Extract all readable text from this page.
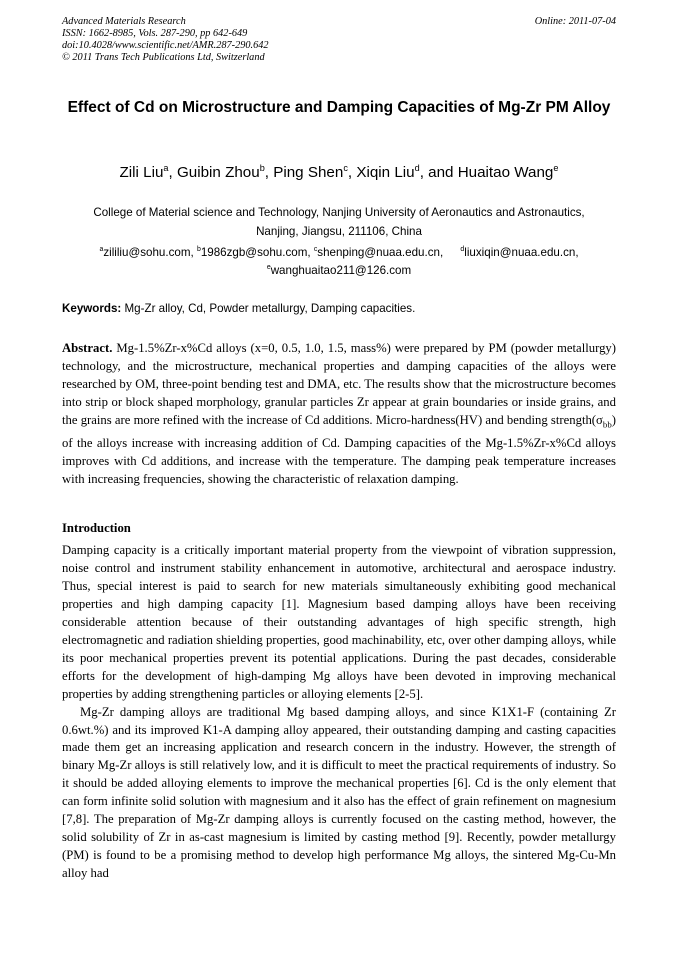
Advanced Materials Research
ISSN: 1662-8985, Vols. 287-290, pp 642-649
doi:10.4028/www.scientific.net/AMR.287-290.642
© 2011 Trans Tech Publications Ltd, Switzerland
Online: 2011-07-04
Effect of Cd on Microstructure and Damping Capacities of Mg-Zr PM Alloy
Zili Liu$^a$, Guibin Zhou$^b$, Ping Shen$^c$, Xiqin Liu$^d$, and Huaitao Wang$^e$
College of Material science and Technology, Nanjing University of Aeronautics and Astronautics,
Nanjing, Jiangsu, 211106, China
$^a$zililiu@sohu.com, $^b$1986zgb@sohu.com, $^c$shenping@nuaa.edu.cn, $^d$liuxiqin@nuaa.edu.cn,
$^e$wanghuaitao211@126.com
Keywords: Mg-Zr alloy, Cd, Powder metallurgy, Damping capacities.
Abstract. Mg-1.5%Zr-x%Cd alloys (x=0, 0.5, 1.0, 1.5, mass%) were prepared by PM (powder metallurgy) technology, and the microstructure, mechanical properties and damping capacities of the alloys were researched by OM, three-point bending test and DMA, etc. The results show that the microstructure becomes into strip or block shaped morphology, granular particles Zr appear at grain boundaries or inside grains, and the grains are more refined with the increase of Cd additions. Micro-hardness(HV) and bending $strength(\sigma_{bb})$ of the alloys increase with increasing addition of Cd. Damping capacities of the Mg-1.5%Zr-x%Cd alloys improves with Cd additions, and increase with the temperature. The damping peak temperature increases with increasing frequencies, showing the characteristic of relaxation damping.
Introduction

Damping capacity is a critically important material property from the viewpoint of vibration suppression, noise control and instrument stability enhancement in automotive, architectural and aerospace industry. Thus, special interest is paid to search for new materials simultaneously exhibiting good mechanical properties and high damping capacity [1]. Magnesium based damping alloys have been receiving considerable attention because of their outstanding advantages of high specific strength, high electromagnetic and radiation shielding properties, good machinability, etc, over other damping alloys, while its poor mechanical properties prevent its potential applications. During the past decades, considerable efforts for the development of high-damping Mg alloys have been devoted in improving mechanical properties by adding strengthening particles or alloying elements [2-5].

Mg-Zr damping alloys are traditional Mg based damping alloys, and since K1X1-F (containing Zr 0.6wt.%) and its improved K1-A damping alloy appeared, their outstanding damping and casting capacities made them get an increasing application and research concern in the industry. However, the strength of binary Mg-Zr alloys is still relatively low, and it is difficult to meet the practical requirements of industry. So it should be added alloying elements to improve the mechanical properties [6]. Cd is the only element that can form infinite solid solution with magnesium and it also has the effect of grain refinement on magnesium [7,8]. The preparation of Mg-Zr damping alloys is currently focused on the casting method, however, the solid solubility of Zr in as-cast magnesium is limited by casting method [9]. Recently, powder metallurgy (PM) is found to be a promising method to develop high performance Mg alloys, the sintered Mg-Cu-Mn alloy had
